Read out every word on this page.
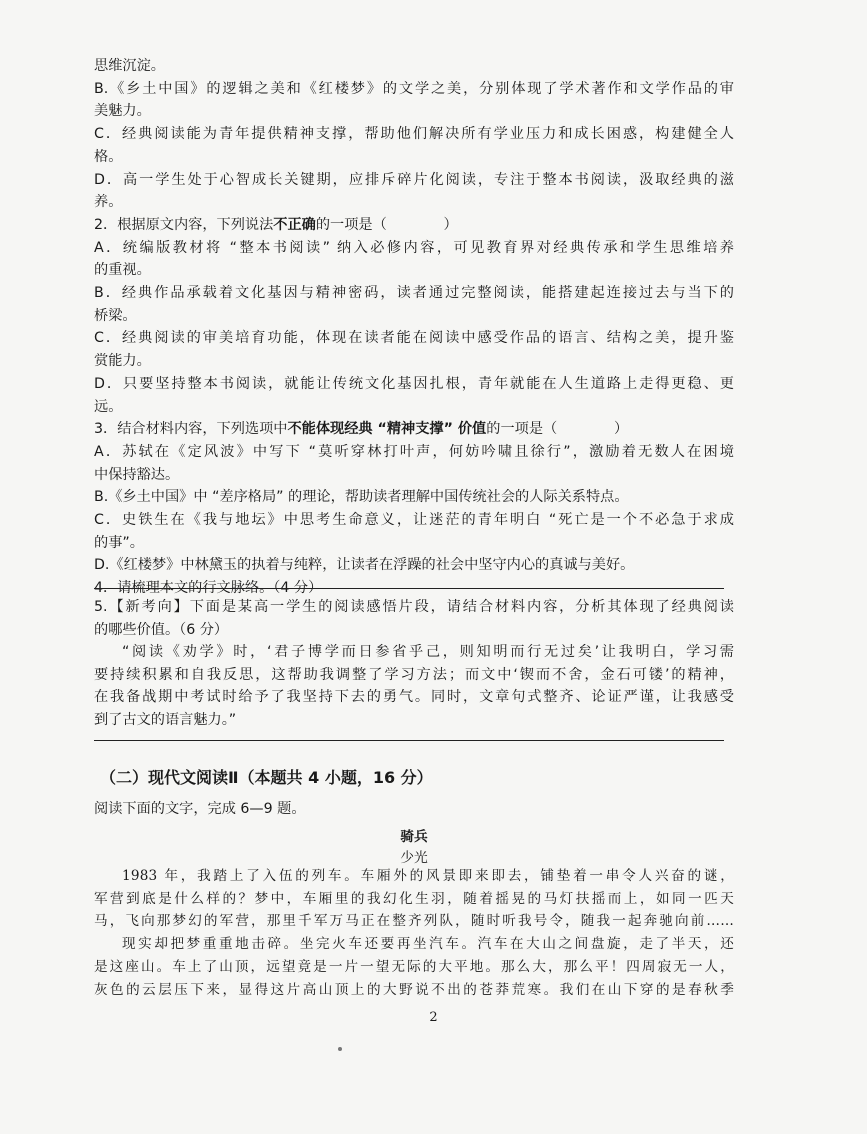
思维沉淀。
B.《乡土中国》的逻辑之美和《红楼梦》的文学之美，分别体现了学术著作和文学作品的审
美魅力。
C．经典阅读能为青年提供精神支撑，帮助他们解决所有学业压力和成长困惑，构建健全人
格。
D．高一学生处于心智成长关键期，应排斥碎片化阅读，专注于整本书阅读，汲取经典的滋
养。
2．根据原文内容，下列说法不正确的一项是（　　　　）
A．统编版教材将 “整本书阅读” 纳入必修内容，可见教育界对经典传承和学生思维培养
的重视。
B．经典作品承载着文化基因与精神密码，读者通过完整阅读，能搭建起连接过去与当下的
桥梁。
C．经典阅读的审美培育功能，体现在读者能在阅读中感受作品的语言、结构之美，提升鉴
赏能力。
D．只要坚持整本书阅读，就能让传统文化基因扎根，青年就能在人生道路上走得更稳、更
远。
3．结合材料内容，下列选项中不能体现经典 “精神支撑” 价值的一项是（　　　　）
A．苏轼在《定风波》中写下 “莫听穿林打叶声，何妨吟啸且徐行”，激励着无数人在困境
中保持豁达。
B.《乡土中国》中 “差序格局” 的理论，帮助读者理解中国传统社会的人际关系特点。
C．史铁生在《我与地坛》中思考生命意义，让迷茫的青年明白 “死亡是一个不必急于求成
的事”。
D.《红楼梦》中林黛玉的执着与纯粹，让读者在浮躁的社会中坚守内心的真诚与美好。
4．请梳理本文的行文脉络。（4 分）
5.【新考向】下面是某高一学生的阅读感悟片段，请结合材料内容，分析其体现了经典阅读
的哪些价值。（6 分）
“阅读《劝学》时，‘君子博学而日参省乎己，则知明而行无过矣’让我明白，学习需
要持续积累和自我反思，这帮助我调整了学习方法；而文中‘锲而不舍，金石可镂’的精神，
在我备战期中考试时给予了我坚持下去的勇气。同时，文章句式整齐、论证严谨，让我感受
到了古文的语言魅力。”
（二）现代文阅读Ⅱ（本题共 4 小题，16 分）
阅读下面的文字，完成 6—9 题。
骑兵
少光
1983 年，我踏上了入伍的列车。车厢外的风景即来即去，铺垫着一串令人兴奋的谜，
军营到底是什么样的？梦中，车厢里的我幻化生羽，随着摇晃的马灯扶摇而上，如同一匹天
马，飞向那梦幻的军营，那里千军万马正在整齐列队，随时听我号令，随我一起奔驰向前……
现实却把梦重重地击碎。坐完火车还要再坐汽车。汽车在大山之间盘旋，走了半天，还
是这座山。车上了山顶，远望竟是一片一望无际的大平地。那么大，那么平！四周寂无一人，
灰色的云层压下来，显得这片高山顶上的大野说不出的苍莽荒寒。我们在山下穿的是春秋季
2
